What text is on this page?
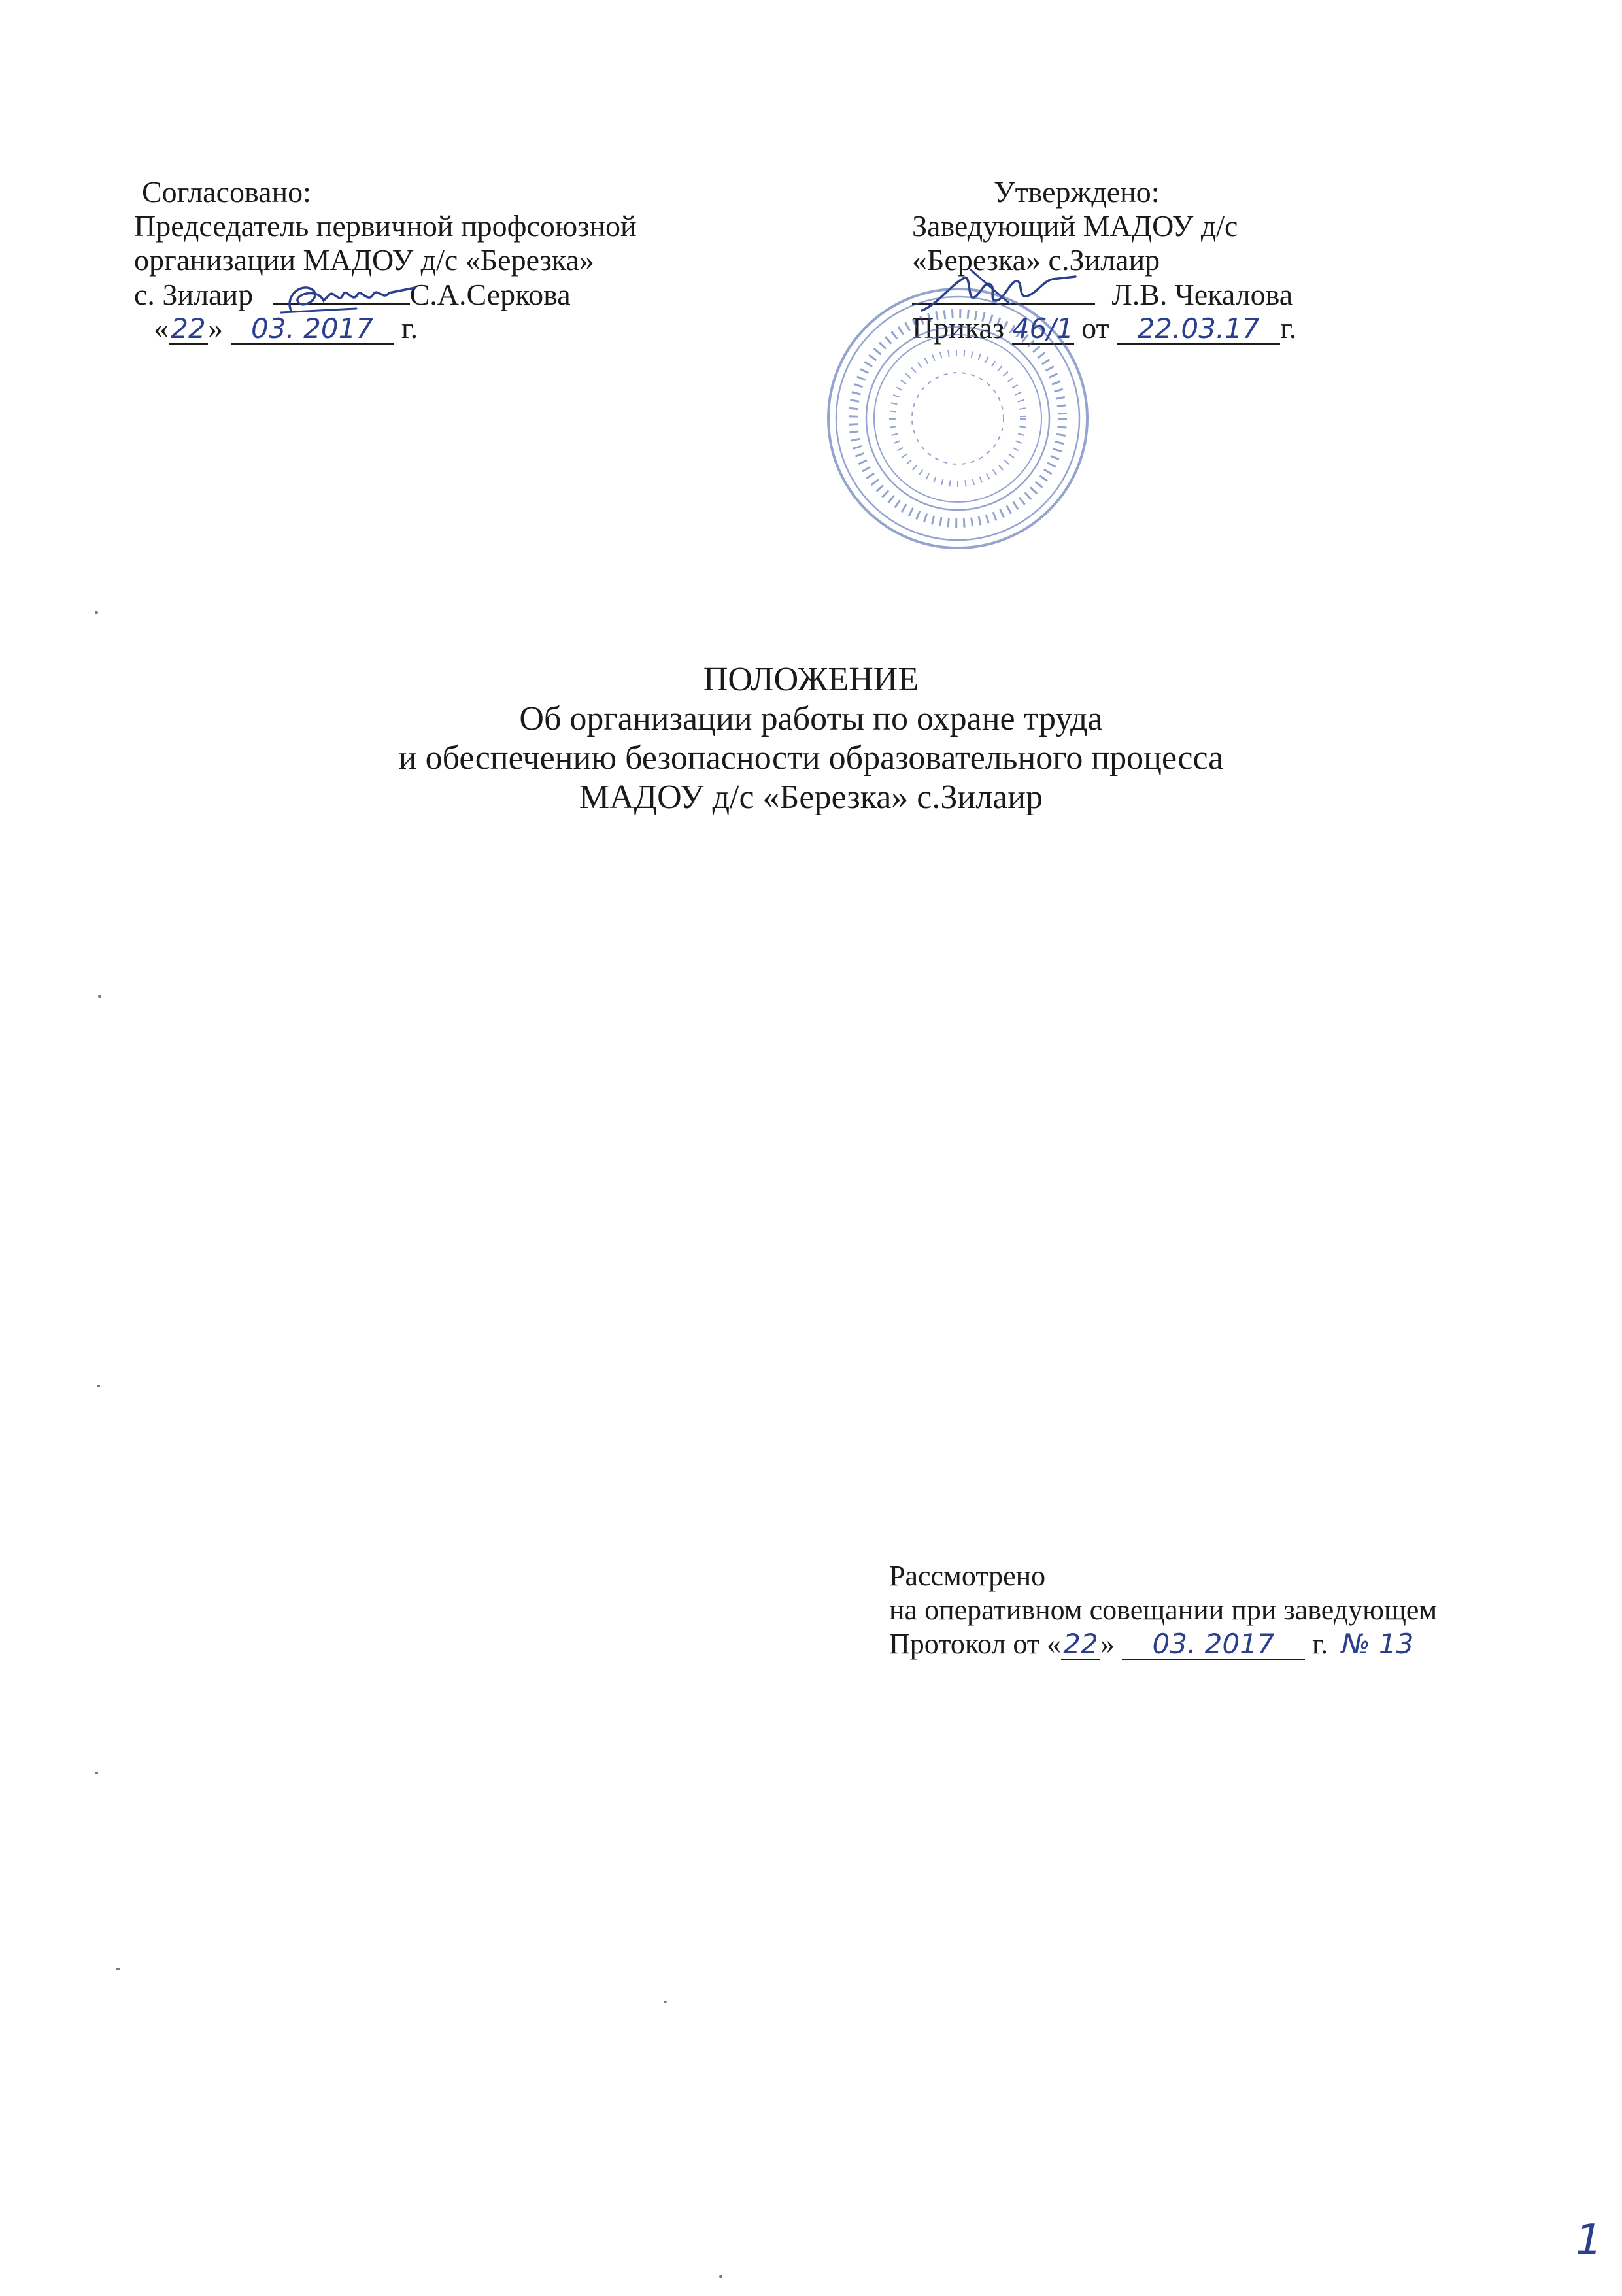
Согласовано:
Председатель первичной профсоюзной
организации МАДОУ д/с «Березка»
с. Зилаир	С.А.Серкова
«22» 03. 2017 г.
Утверждено:
Заведующий МАДОУ д/с
«Березка» с.Зилаир
Л.В. Чекалова
Приказ 46/1 от 22.03.17 г.
ПОЛОЖЕНИЕ
Об организации работы по охране труда
и обеспечению безопасности образовательного процесса
МАДОУ д/с «Березка» с.Зилаир
Рассмотрено
на оперативном совещании при заведующем
Протокол от «22» 03. 2017 г. № 13
1
